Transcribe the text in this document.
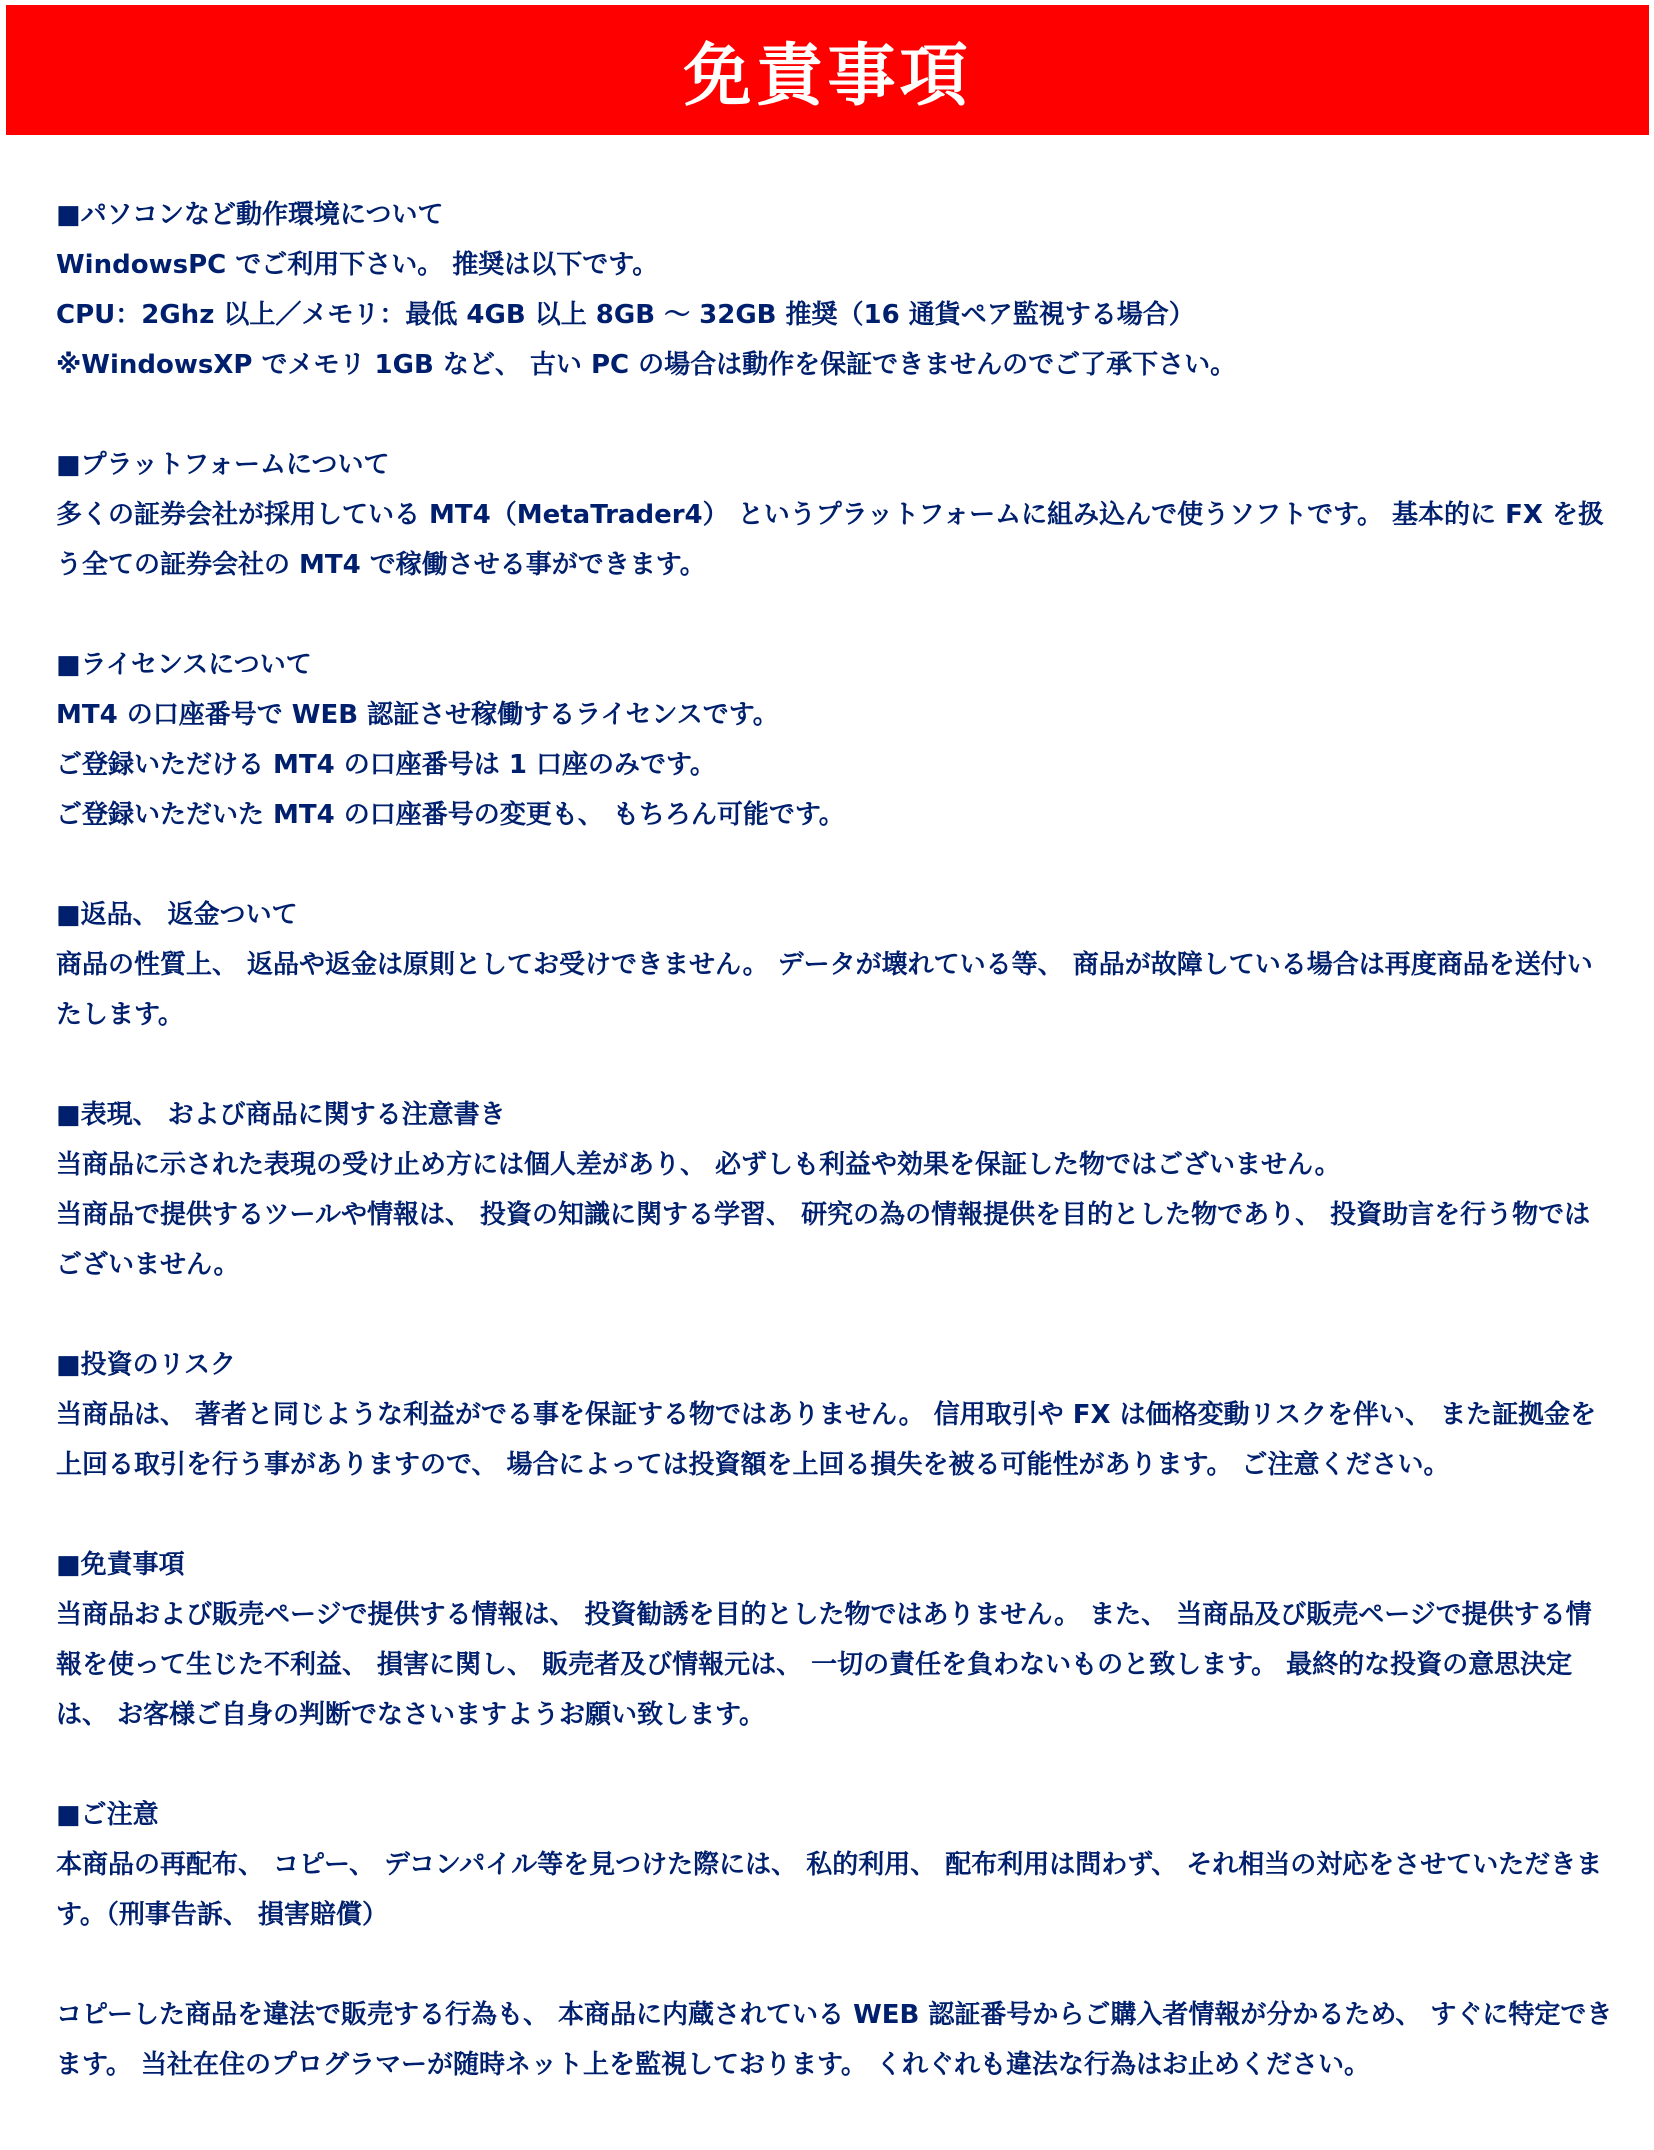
免責事項
■パソコンなど動作環境について
WindowsPC でご利用下さい。 推奨は以下です。
CPU：2Ghz 以上／メモリ：最低 4GB 以上 8GB ～ 32GB 推奨（16 通貨ペア監視する場合）
※WindowsXP でメモリ 1GB など、 古い PC の場合は動作を保証できませんのでご了承下さい。
■プラットフォームについて
多くの証券会社が採用している MT4（MetaTrader4） というプラットフォームに組み込んで使うソフトです。 基本的に FX を扱う全ての証券会社の MT4 で稼働させる事ができます。
■ライセンスについて
MT4 の口座番号で WEB 認証させ稼働するライセンスです。
ご登録いただける MT4 の口座番号は 1 口座のみです。
ご登録いただいた MT4 の口座番号の変更も、 もちろん可能です。
■返品、 返金ついて
商品の性質上、 返品や返金は原則としてお受けできません。 データが壊れている等、 商品が故障している場合は再度商品を送付いたします。
■表現、 および商品に関する注意書き
当商品に示された表現の受け止め方には個人差があり、 必ずしも利益や効果を保証した物ではございません。
当商品で提供するツールや情報は、 投資の知識に関する学習、 研究の為の情報提供を目的とした物であり、 投資助言を行う物ではございません。
■投資のリスク
当商品は、 著者と同じような利益がでる事を保証する物ではありません。 信用取引や FX は価格変動リスクを伴い、 また証拠金を上回る取引を行う事がありますので、 場合によっては投資額を上回る損失を被る可能性があります。 ご注意ください。
■免責事項
当商品および販売ページで提供する情報は、 投資勧誘を目的とした物ではありません。 また、 当商品及び販売ページで提供する情報を使って生じた不利益、 損害に関し、 販売者及び情報元は、 一切の責任を負わないものと致します。 最終的な投資の意思決定は、 お客様ご自身の判断でなさいますようお願い致します。
■ご注意
本商品の再配布、 コピー、 デコンパイル等を見つけた際には、 私的利用、 配布利用は問わず、 それ相当の対応をさせていただきます。（刑事告訴、 損害賠償）
コピーした商品を違法で販売する行為も、 本商品に内蔵されている WEB 認証番号からご購入者情報が分かるため、 すぐに特定できます。 当社在住のプログラマーが随時ネット上を監視しております。 くれぐれも違法な行為はお止めください。
